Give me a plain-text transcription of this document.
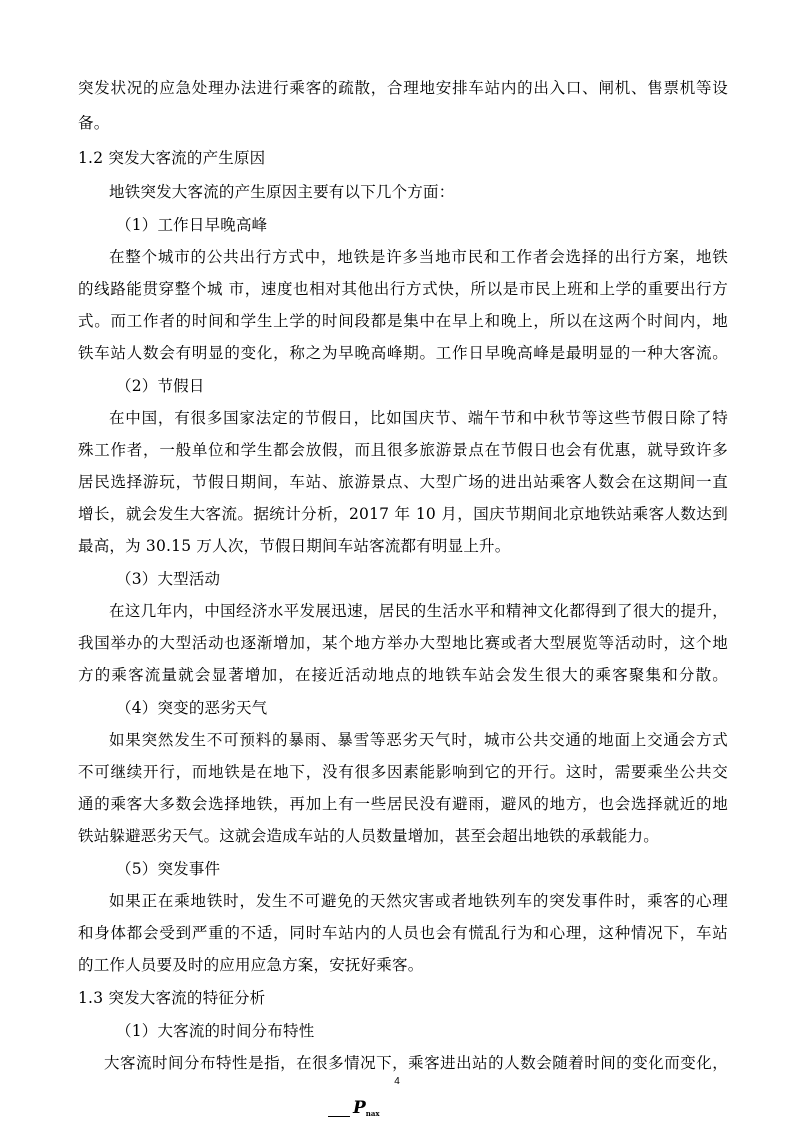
突发状况的应急处理办法进行乘客的疏散，合理地安排车站内的出入口、闸机、售票机等设
备。
1.2 突发大客流的产生原因
地铁突发大客流的产生原因主要有以下几个方面：
（1）工作日早晚高峰
在整个城市的公共出行方式中，地铁是许多当地市民和工作者会选择的出行方案，地铁
的线路能贯穿整个城 市，速度也相对其他出行方式快，所以是市民上班和上学的重要出行方
式。而工作者的时间和学生上学的时间段都是集中在早上和晚上，所以在这两个时间内，地
铁车站人数会有明显的变化，称之为早晚高峰期。工作日早晚高峰是最明显的一种大客流。
（2）节假日
在中国，有很多国家法定的节假日，比如国庆节、端午节和中秋节等这些节假日除了特
殊工作者，一般单位和学生都会放假，而且很多旅游景点在节假日也会有优惠，就导致许多
居民选择游玩，节假日期间，车站、旅游景点、大型广场的进出站乘客人数会在这期间一直
增长，就会发生大客流。据统计分析，2017 年 10 月，国庆节期间北京地铁站乘客人数达到
最高，为 30.15 万人次，节假日期间车站客流都有明显上升。
（3）大型活动
在这几年内，中国经济水平发展迅速，居民的生活水平和精神文化都得到了很大的提升，
我国举办的大型活动也逐渐增加，某个地方举办大型地比赛或者大型展览等活动时，这个地
方的乘客流量就会显著增加，在接近活动地点的地铁车站会发生很大的乘客聚集和分散。
（4）突变的恶劣天气
如果突然发生不可预料的暴雨、暴雪等恶劣天气时，城市公共交通的地面上交通会方式
不可继续开行，而地铁是在地下，没有很多因素能影响到它的开行。这时，需要乘坐公共交
通的乘客大多数会选择地铁，再加上有一些居民没有避雨，避风的地方，也会选择就近的地
铁站躲避恶劣天气。这就会造成车站的人员数量增加，甚至会超出地铁的承载能力。
（5）突发事件
如果正在乘地铁时，发生不可避免的天然灾害或者地铁列车的突发事件时，乘客的心理
和身体都会受到严重的不适，同时车站内的人员也会有慌乱行为和心理，这种情况下，车站
的工作人员要及时的应用应急方案，安抚好乘客。
1.3 突发大客流的特征分析
（1）大客流的时间分布特性
大客流时间分布特性是指，在很多情况下，乘客进出站的人数会随着时间的变化而变化，
4
$P_{nax}$
